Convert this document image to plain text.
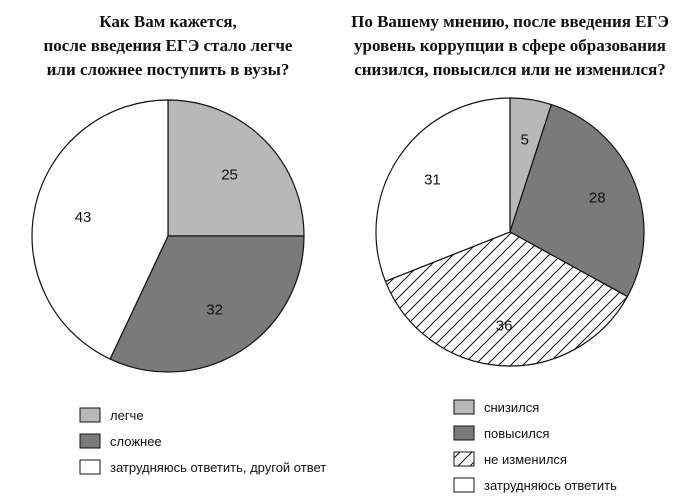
Как Вам кажется,
после введения ЕГЭ стало легче
или сложнее поступить в вузы?
25
32
43
легче
сложнее
затрудняюсь ответить, другой ответ
По Вашему мнению, после введения ЕГЭ
уровень коррупции в сфере образования
снизился, повысился или не изменился?
5
28
36
31
снизился
повысился
не изменился
затрудняюсь ответить
